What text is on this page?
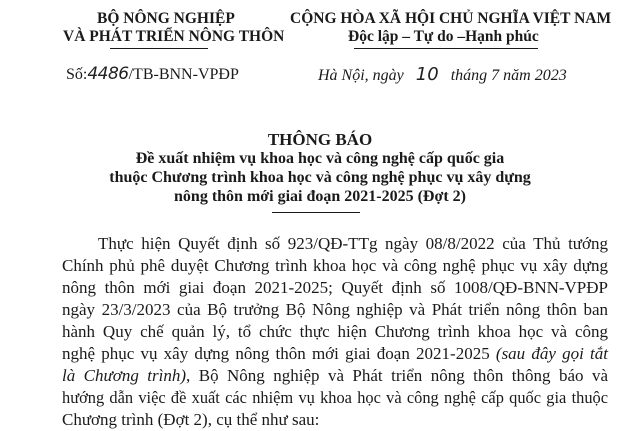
BỘ NÔNG NGHIỆP
VÀ PHÁT TRIỂN NÔNG THÔN
Số:4486/TB-BNN-VPĐP
CỘNG HÒA XÃ HỘI CHỦ NGHĨA VIỆT NAM
Độc lập – Tự do –Hạnh phúc
Hà Nội, ngày 10 tháng 7 năm 2023
THÔNG BÁO
Đề xuất nhiệm vụ khoa học và công nghệ cấp quốc gia
thuộc Chương trình khoa học và công nghệ phục vụ xây dựng
nông thôn mới giai đoạn 2021-2025 (Đợt 2)
Thực hiện Quyết định số 923/QĐ-TTg ngày 08/8/2022 của Thủ tướng
Chính phủ phê duyệt Chương trình khoa học và công nghệ phục vụ xây dựng
nông thôn mới giai đoạn 2021-2025; Quyết định số 1008/QĐ-BNN-VPĐP
ngày 23/3/2023 của Bộ trưởng Bộ Nông nghiệp và Phát triển nông thôn ban
hành Quy chế quản lý, tổ chức thực hiện Chương trình khoa học và công
nghệ phục vụ xây dựng nông thôn mới giai đoạn 2021-2025 (sau đây gọi tắt
là Chương trình), Bộ Nông nghiệp và Phát triển nông thôn thông báo và
hướng dẫn việc đề xuất các nhiệm vụ khoa học và công nghệ cấp quốc gia thuộc
Chương trình (Đợt 2), cụ thể như sau:
